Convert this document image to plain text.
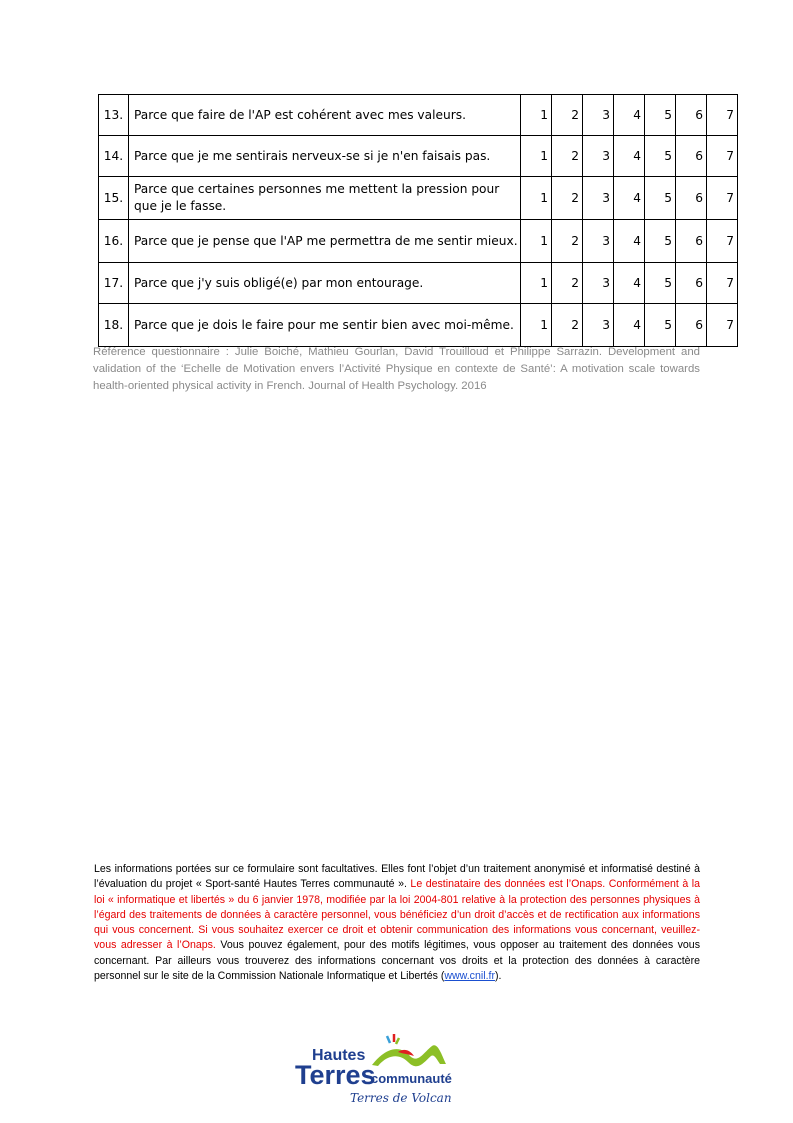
13.	Parce que faire de l'AP est cohérent avec mes valeurs.	1	2	3	4	5	6	7
14.	Parce que je me sentirais nerveux-se si je n'en faisais pas.	1	2	3	4	5	6	7
15.	Parce que certaines personnes me mettent la pression pour que je le fasse.	1	2	3	4	5	6	7
16.	Parce que je pense que l'AP me permettra de me sentir mieux.	1	2	3	4	5	6	7
17.	Parce que j'y suis obligé(e) par mon entourage.	1	2	3	4	5	6	7
18.	Parce que je dois le faire pour me sentir bien avec moi-même.	1	2	3	4	5	6	7
Référence questionnaire : Julie Boiché, Mathieu Gourlan, David Trouilloud et Philippe Sarrazin. Development and validation of the ‘Echelle de Motivation envers l’Activité Physique en contexte de Santé’: A motivation scale towards health-oriented physical activity in French. Journal of Health Psychology. 2016
Les informations portées sur ce formulaire sont facultatives. Elles font l’objet d’un traitement anonymisé et informatisé destiné à l’évaluation du projet « Sport-santé Hautes Terres communauté ». Le destinataire des données est l’Onaps. Conformément à la loi « informatique et libertés » du 6 janvier 1978, modifiée par la loi 2004-801 relative à la protection des personnes physiques à l’égard des traitements de données à caractère personnel, vous bénéficiez d’un droit d’accès et de rectification aux informations qui vous concernent. Si vous souhaitez exercer ce droit et obtenir communication des informations vous concernant, veuillez-vous adresser à l’Onaps. Vous pouvez également, pour des motifs légitimes, vous opposer au traitement des données vous concernant. Par ailleurs vous trouverez des informations concernant vos droits et la protection des données à caractère personnel sur le site de la Commission Nationale Informatique et Libertés (www.cnil.fr).
Hautes
Terres
communauté
Terres de Volcan
